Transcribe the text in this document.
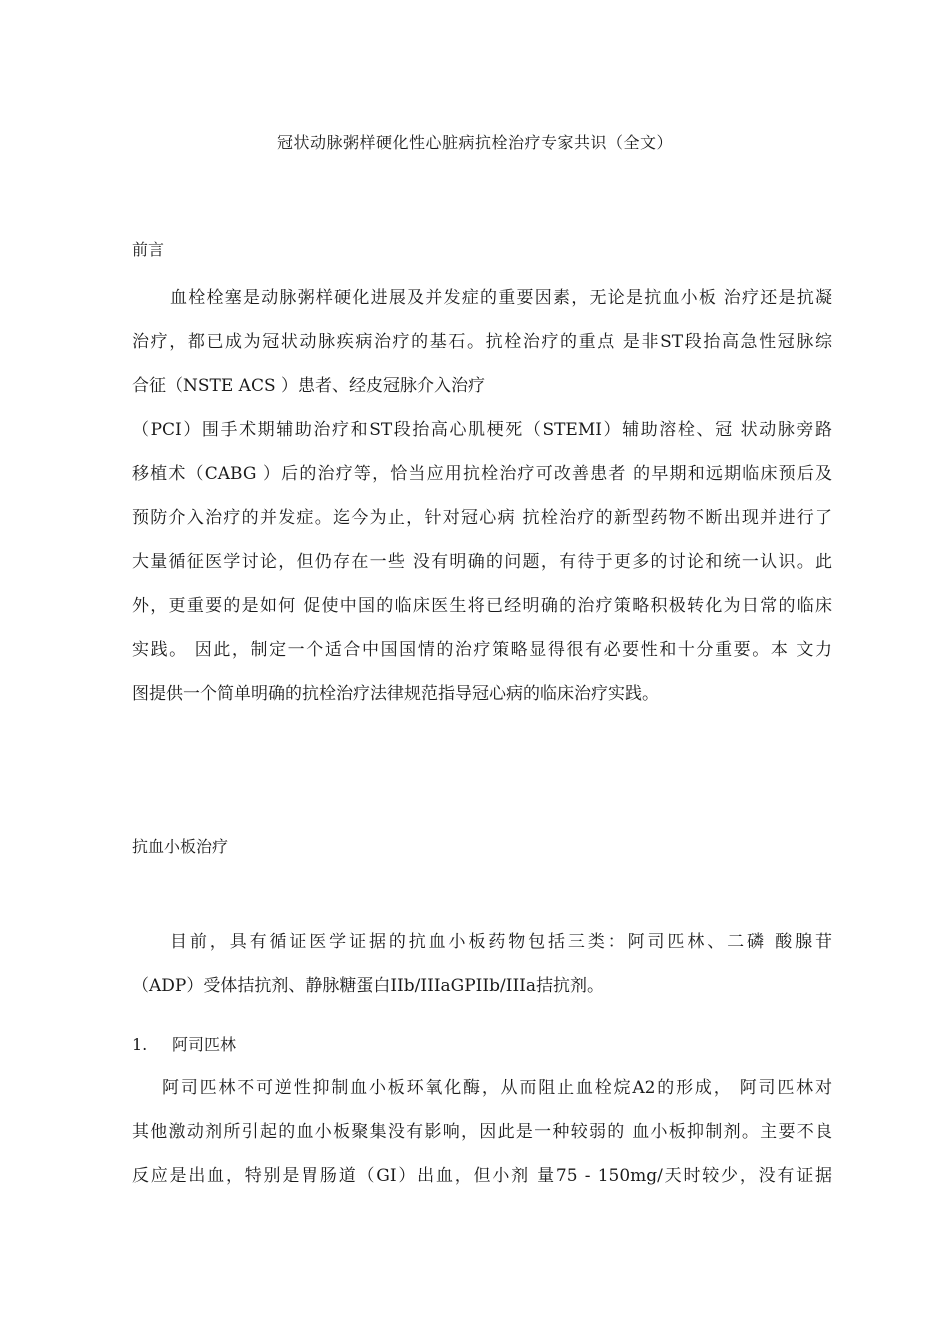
冠状动脉粥样硬化性心脏病抗栓治疗专家共识（全文）
前言
血栓栓塞是动脉粥样硬化进展及并发症的重要因素，无论是抗血小板 治疗还是抗凝
治疗，都已成为冠状动脉疾病治疗的基石。抗栓治疗的重点 是非ST段抬高急性冠脉综
合征（NSTE ACS ）患者、经皮冠脉介入治疗
（PCI）围手术期辅助治疗和ST段抬高心肌梗死（STEMI）辅助溶栓、冠 状动脉旁路
移植术（CABG ）后的治疗等，恰当应用抗栓治疗可改善患者 的早期和远期临床预后及
预防介入治疗的并发症。迄今为止，针对冠心病 抗栓治疗的新型药物不断出现并进行了
大量循征医学讨论，但仍存在一些 没有明确的问题，有待于更多的讨论和统一认识。此
外，更重要的是如何 促使中国的临床医生将已经明确的治疗策略积极转化为日常的临床
实践。 因此，制定一个适合中国国情的治疗策略显得很有必要性和十分重要。本 文力
图提供一个简单明确的抗栓治疗法律规范指导冠心病的临床治疗实践。
抗血小板治疗
目前，具有循证医学证据的抗血小板药物包括三类：阿司匹林、二磷 酸腺苷
（ADP）受体拮抗剂、静脉糖蛋白IIb/IIIaGPIIb/IIIa拮抗剂。
1. 阿司匹林
阿司匹林不可逆性抑制血小板环氧化酶，从而阻止血栓烷A2的形成， 阿司匹林对
其他激动剂所引起的血小板聚集没有影响，因此是一种较弱的 血小板抑制剂。主要不良
反应是出血，特别是胃肠道（GI）出血，但小剂 量75 - 150mg/天时较少，没有证据
